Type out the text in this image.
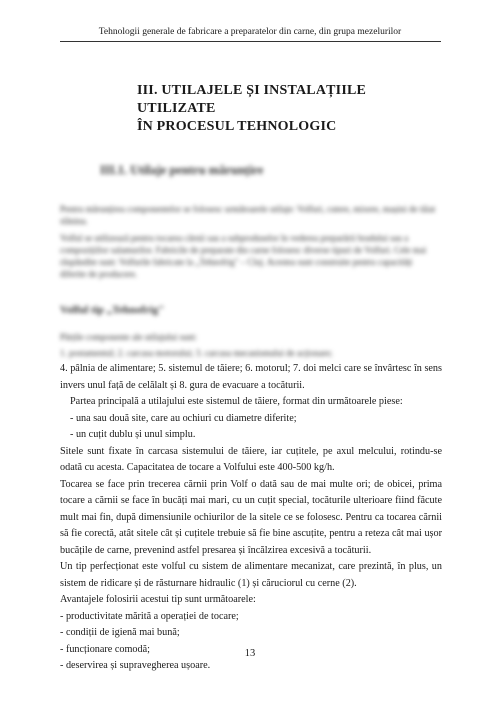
Tehnologii generale de fabricare a preparatelor din carne, din grupa mezelurilor
III. UTILAJELE ȘI INSTALAȚIILE UTILIZATE
ÎN PROCESUL TEHNOLOGIC
III.1. Utilaje pentru mărunțire
Pentru mărunțirea componentelor se folosesc următoarele utilaje: Volfuri, cutere, mixere, mașini de tăiat slănina.
Volful se utilizează pentru tocarea cărnii sau a subproduselor în vederea preparării bradului sau a compozițiilor salamurilor. Fabricile de preparate din carne folosesc diverse tipuri de Volfuri. Cele mai răspândite sunt: Volfurile fabricate la „Tehnofrig" – Cluj. Acestea sunt construite pentru capacități diferite de producere.
Volful tip „Tehnofrig"
Părțile componente ale utilajului sunt:
1. postamentul; 2. carcasa motorului; 3. carcasa mecanismului de acționare;

4. pâlnia de alimentare; 5. sistemul de tăiere; 6. motorul; 7. doi melci care se învârtesc în sens invers unul față de celălalt și 8. gura de evacuare a tocăturii.

Partea principală a utilajului este sistemul de tăiere, format din următoarele piese:

- una sau două site, care au ochiuri cu diametre diferite;

- un cuțit dublu și unul simplu.

Sitele sunt fixate în carcasa sistemului de tăiere, iar cuțitele, pe axul melcului, rotindu-se odată cu acesta. Capacitatea de tocare a Volfului este 400-500 kg/h.

Tocarea se face prin trecerea cărnii prin Volf o dată sau de mai multe ori; de obicei, prima tocare a cărnii se face în bucăți mai mari, cu un cuțit special, tocăturile ulterioare fiind făcute mult mai fin, după dimensiunile ochiurilor de la sitele ce se folosesc. Pentru ca tocarea cărnii să fie corectă, atât sitele cât și cuțitele trebuie să fie bine ascuțite, pentru a reteza cât mai ușor bucățile de carne, prevenind astfel presarea și încălzirea excesivă a tocăturii.

Un tip perfecționat este volful cu sistem de alimentare mecanizat, care prezintă, în plus, un sistem de ridicare și de răsturnare hidraulic (1) și căruciorul cu cerne (2).

Avantajele folosirii acestui tip sunt următoarele:

- productivitate mărită a operației de tocare;

- condiții de igienă mai bună;

- funcționare comodă;

- deservirea și supravegherea ușoare.

13
